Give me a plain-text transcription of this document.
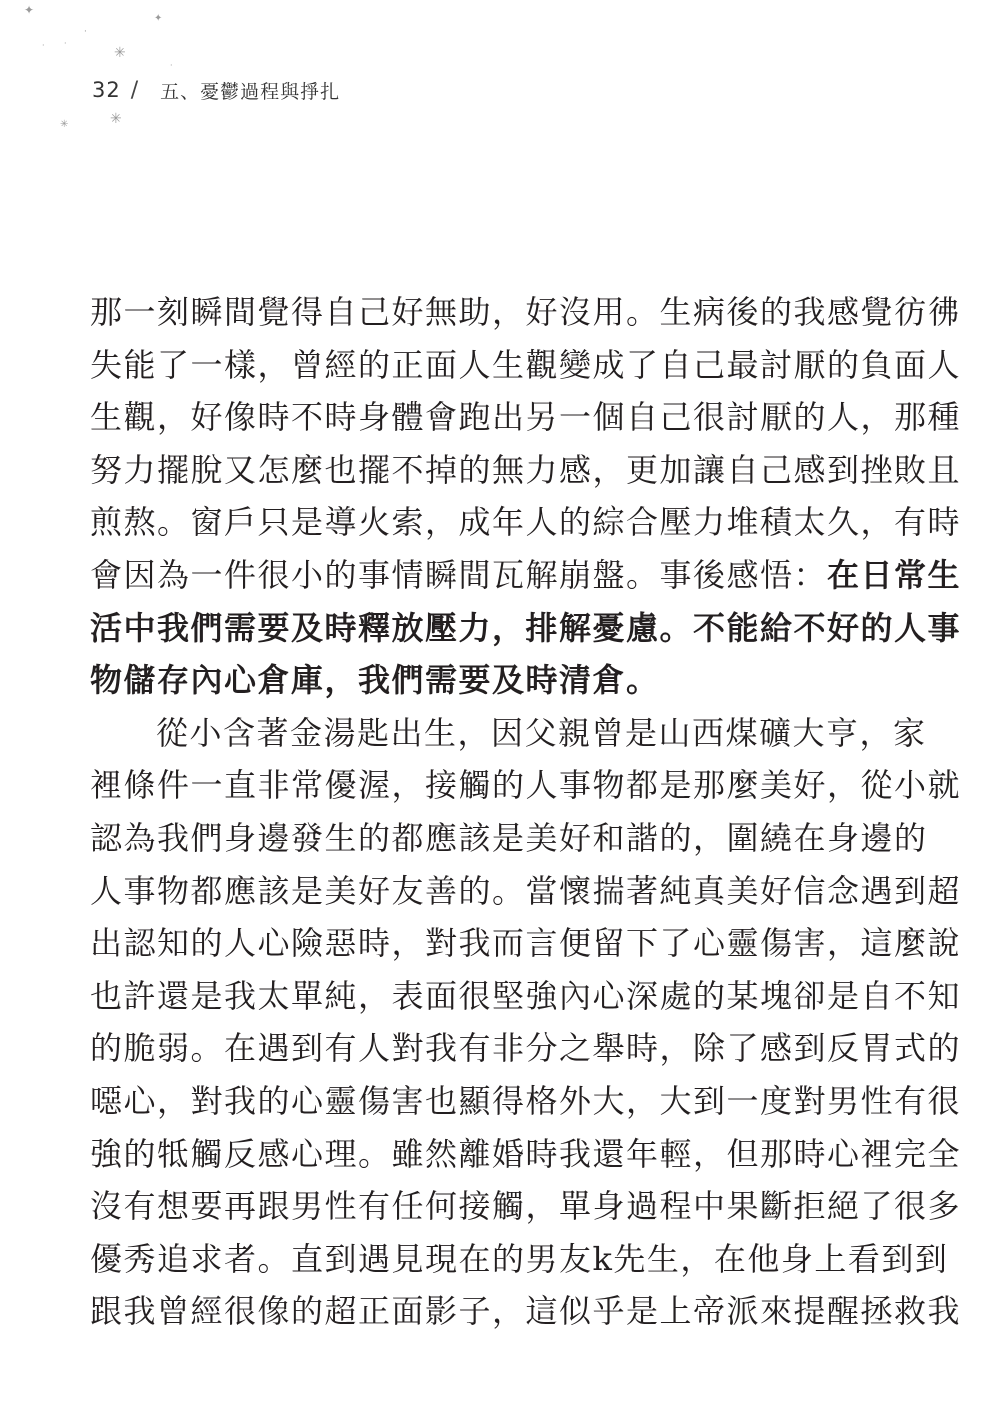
✦
·
✳
· ·
✦
✳
✳
·
32 / 五、憂鬱過程與掙扎
那一刻瞬間覺得自己好無助，好沒用。生病後的我感覺彷彿
失能了一樣，曾經的正面人生觀變成了自己最討厭的負面人
生觀，好像時不時身體會跑出另一個自己很討厭的人，那種
努力擺脫又怎麼也擺不掉的無力感，更加讓自己感到挫敗且
煎熬。窗戶只是導火索，成年人的綜合壓力堆積太久，有時
會因為一件很小的事情瞬間瓦解崩盤。事後感悟：在日常生
活中我們需要及時釋放壓力，排解憂慮。不能給不好的人事
物儲存內心倉庫，我們需要及時清倉。
從小含著金湯匙出生，因父親曾是山西煤礦大亨，家
裡條件一直非常優渥，接觸的人事物都是那麼美好，從小就
認為我們身邊發生的都應該是美好和諧的，圍繞在身邊的
人事物都應該是美好友善的。當懷揣著純真美好信念遇到超
出認知的人心險惡時，對我而言便留下了心靈傷害，這麼說
也許還是我太單純，表面很堅強內心深處的某塊卻是自不知
的脆弱。在遇到有人對我有非分之舉時，除了感到反胃式的
噁心，對我的心靈傷害也顯得格外大，大到一度對男性有很
強的牴觸反感心理。雖然離婚時我還年輕，但那時心裡完全
沒有想要再跟男性有任何接觸，單身過程中果斷拒絕了很多
優秀追求者。直到遇見現在的男友k先生，在他身上看到到
跟我曾經很像的超正面影子，這似乎是上帝派來提醒拯救我
